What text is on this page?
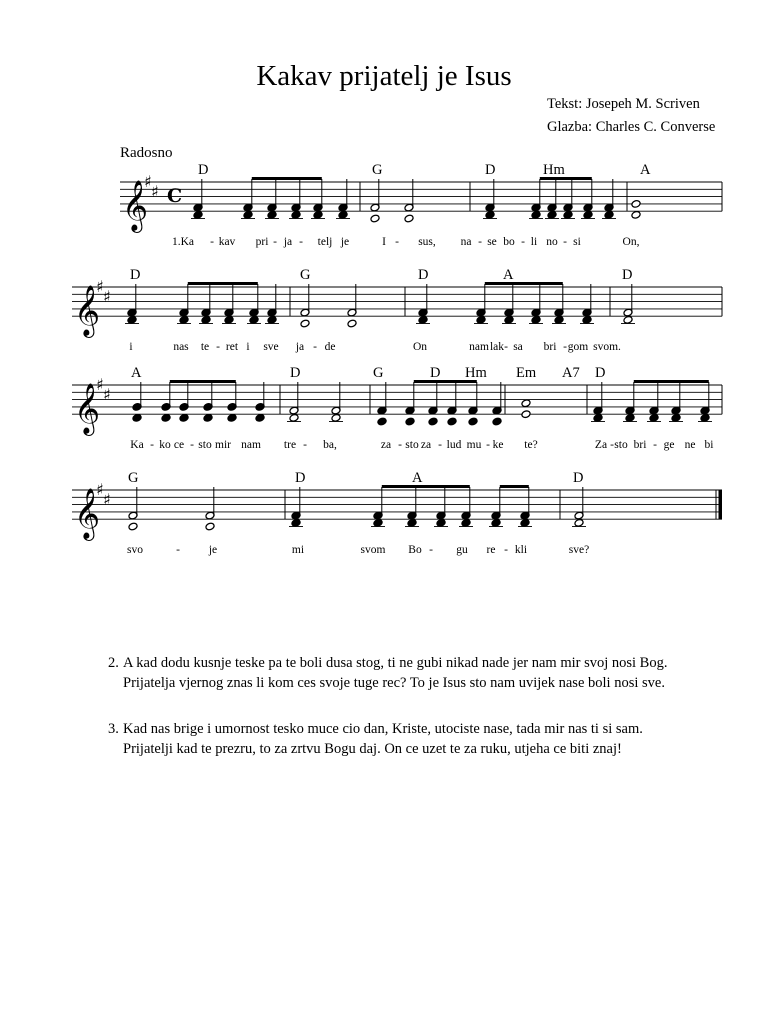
Kakav prijatelj je Isus
Tekst: Josepeh M. Scriven
Glazba: Charles C. Converse
Radosno
𝄞
♯
♯ C
𝄞
♯
♯
𝄞
♯
♯
𝄞
♯
♯
D	G	D	Hm	A
1.Ka - kav pri - ja - telj je	I - sus, na - se bo - li no - si	On,
D	G	D	A	D
i	nas te - ret i sve ja - de	On	nam lak - sa bri - gom svom.
A	D	G	D Hm Em A7 D
Ka - ko ce - sto mir nam tre - ba,	za - sto za - lud mu - ke te?	Za - sto bri - ge ne bi
G	D	A	D
svo	-	je	mi	svom Bo - gu re - kli	sve?
2. A kad dodu kusnje teske pa te boli dusa stog, ti ne gubi nikad nade jer nam mir svoj nosi Bog.
Prijatelja vjernog znas li kom ces svoje tuge rec? To je Isus sto nam uvijek nase boli nosi sve.
3. Kad nas brige i umornost tesko muce cio dan, Kriste, utociste nase, tada mir nas ti si sam.
Prijatelji kad te prezru, to za zrtvu Bogu daj. On ce uzet te za ruku, utjeha ce biti znaj!
